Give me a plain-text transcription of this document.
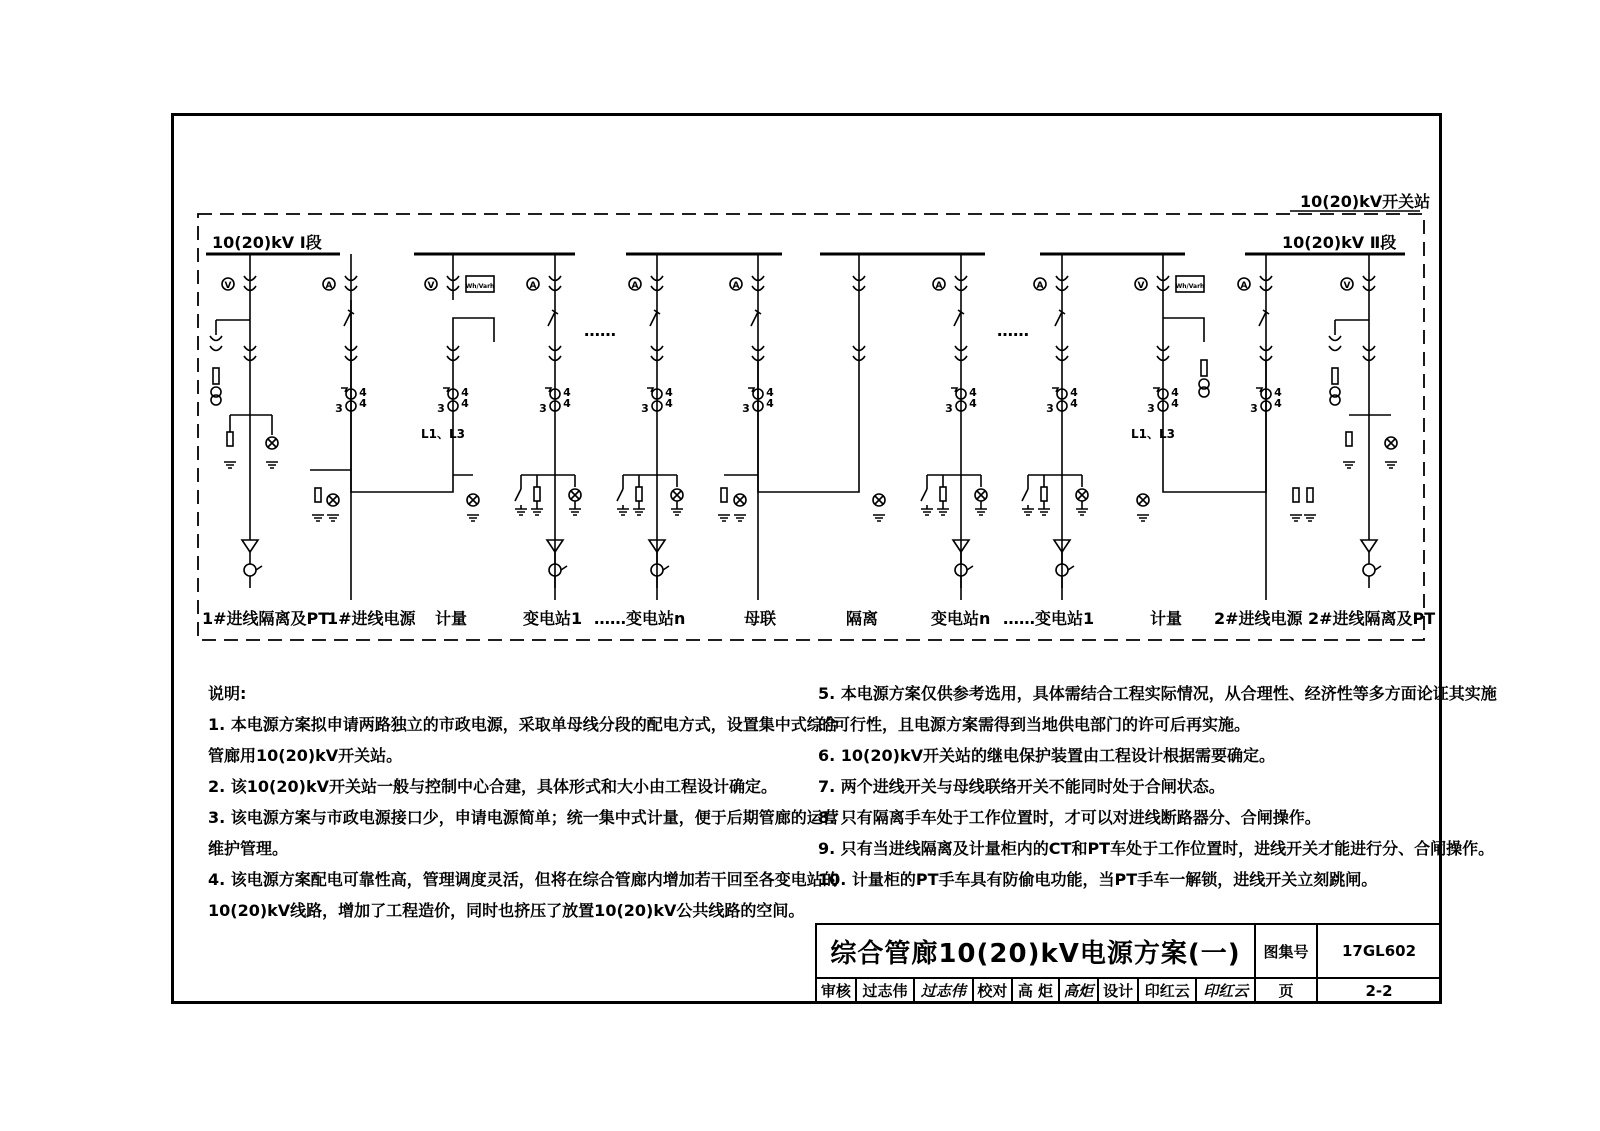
10(20)kV开关站
10(20)kV Ⅰ段	10(20)kV Ⅱ段
……	……
V	A
4
4
3
V	Wh/Varh
4
4
3
L1、L3
A
4
4
3
A
4
4
3
A
4
4
3
A
4
4
3
A
4
4
3
V	Wh/Varh
4
4
3
L1、L3
A
4
4
3
V
1#进线隔离及PT
1#进线电源 计量	变电站1 ……变电站n	母联	隔离	变电站n ……变电站1	计量 2#进线电源 2#进线隔离及PT
说明:
1. 本电源方案拟申请两路独立的市政电源，采取单母线分段的配电方式，设置集中式综合
管廊用10(20)kV开关站。
2. 该10(20)kV开关站一般与控制中心合建，具体形式和大小由工程设计确定。
3. 该电源方案与市政电源接口少，申请电源简单；统一集中式计量，便于后期管廊的运营
维护管理。
4. 该电源方案配电可靠性高，管理调度灵活，但将在综合管廊内增加若干回至各变电站的
10(20)kV线路，增加了工程造价，同时也挤压了放置10(20)kV公共线路的空间。
5. 本电源方案仅供参考选用，具体需结合工程实际情况，从合理性、经济性等多方面论证其实施
的可行性，且电源方案需得到当地供电部门的许可后再实施。
6. 10(20)kV开关站的继电保护装置由工程设计根据需要确定。
7. 两个进线开关与母线联络开关不能同时处于合闸状态。
8. 只有隔离手车处于工作位置时，才可以对进线断路器分、合闸操作。
9. 只有当进线隔离及计量柜内的CT和PT车处于工作位置时，进线开关才能进行分、合闸操作。
10. 计量柜的PT手车具有防偷电功能，当PT手车一解锁，进线开关立刻跳闸。
综合管廊10(20)kV电源方案(一)									图集号	17GL602
审核	过志伟	过志伟	校对	高 炬	高炬	设计	印红云	印红云	页	2-2
